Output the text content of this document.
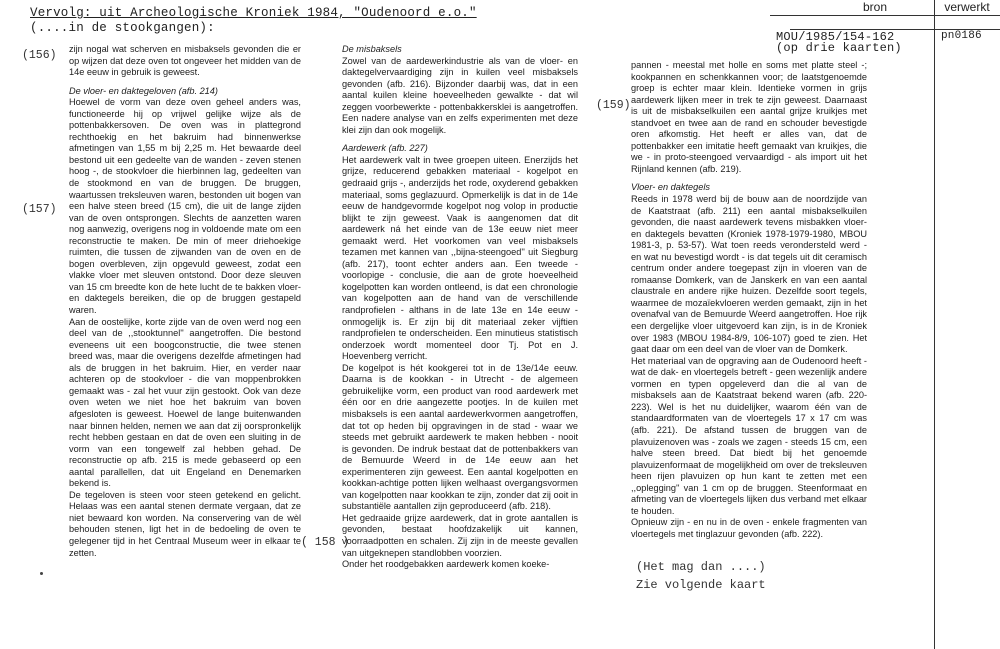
Vervolg: uit Archeologische Kroniek 1984, "Oudenoord e.o."
(....in de stookgangen):
bron	verwerkt
MOU/1985/154-162
(op drie kaarten)
pn0186
(156)
(157)
( 158 )
(159)

zijn nogal wat scherven en misbaksels gevonden die er op wijzen dat deze oven tot ongeveer het midden van de 14e eeuw in gebruik is geweest.

De vloer- en daktegeloven (afb. 214)

Hoewel de vorm van deze oven geheel anders was, functioneerde hij op vrijwel gelijke wijze als de pottenbakkersoven. De oven was in plattegrond rechthoekig en het bakruim had binnenwerkse afmetingen van 1,55 m bij 2,25 m. Het bewaarde deel bestond uit een gedeelte van de wanden - zeven stenen hoog -, de stookvloer die hierbinnen lag, gedeelten van de stookmond en van de bruggen. De bruggen, waartussen treksleuven waren, bestonden uit bogen van een halve steen breed (15 cm), die uit de lange zijden van de oven ontsprongen. Slechts de aanzetten waren nog aanwezig, overigens nog in voldoende mate om een reconstructie te maken. De min of meer driehoekige ruimten, die tussen de zijwanden van de oven en de bogen overbleven, zijn opgevuld geweest, zodat een vlakke vloer met sleuven ontstond. Door deze sleuven van 15 cm breedte kon de hete lucht de te bakken vloer- en daktegels bereiken, die op de bruggen gestapeld waren.

Aan de oostelijke, korte zijde van de oven werd nog een deel van de ,,stooktunnel'' aangetroffen. Die bestond eveneens uit een boogconstructie, die twee stenen breed was, maar die overigens dezelfde afmetingen had als de bruggen in het bakruim. Hier, en verder naar achteren op de stookvloer - die van moppenbrokken gemaakt was - zal het vuur zijn gestookt. Ook van deze oven weten we niet hoe het bakruim van boven afgesloten is geweest. Hoewel de lange buitenwanden naar binnen helden, nemen we aan dat zij oorspronkelijk recht hebben gestaan en dat de oven een sluiting in de vorm van een tongewelf zal hebben gehad. De reconstructie op afb. 215 is mede gebaseerd op een aantal parallellen, dat uit Engeland en Denemarken bekend is.

De tegeloven is steen voor steen getekend en gelicht. Helaas was een aantal stenen dermate vergaan, dat ze niet bewaard kon worden. Na conservering van de wèl behouden stenen, ligt het in de bedoeling de oven te gelegener tijd in het Centraal Museum weer in elkaar te zetten.

De misbaksels

Zowel van de aardewerkindustrie als van de vloer- en daktegelvervaardiging zijn in kuilen veel misbaksels gevonden (afb. 216). Bijzonder daarbij was, dat in een aantal kuilen kleine hoeveelheden gewalkte - dat wil zeggen voorbewerkte - pottenbakkersklei is aangetroffen. Een nadere analyse van en zelfs experimenten met deze klei zijn dan ook mogelijk.

Aardewerk (afb. 227)

Het aardewerk valt in twee groepen uiteen. Enerzijds het grijze, reducerend gebakken materiaal - kogelpot en gedraaid grijs -, anderzijds het rode, oxyderend gebakken materiaal, soms geglazuurd. Opmerkelijk is dat in de 14e eeuw de handgevormde kogelpot nog volop in productie blijkt te zijn geweest. Vaak is aangenomen dat dit aardewerk ná het einde van de 13e eeuw niet meer gemaakt werd. Het voorkomen van veel misbaksels tezamen met kannen van ,,bijna-steengoed'' uit Siegburg (afb. 217), toont echter anders aan. Een tweede - voorlopige - conclusie, die aan de grote hoeveelheid kogelpotten kan worden ontleend, is dat een chronologie van kogelpotten aan de hand van de verschillende randprofielen - althans in de late 13e en 14e eeuw - onmogelijk is. Er zijn bij dit materiaal zeker vijftien randprofielen te onderscheiden. Een minutieus statistisch onderzoek wordt momenteel door Tj. Pot en J. Hoevenberg verricht.

De kogelpot is hét kookgerei tot in de 13e/14e eeuw. Daarna is de kookkan - in Utrecht - de algemeen gebruikelijke vorm, een product van rood aardewerk met één oor en drie aangezette pootjes. In de kuilen met misbaksels is een aantal aardewerkvormen aangetroffen, dat tot op heden bij opgravingen in de stad - waar we steeds met gebruikt aardewerk te maken hebben - nooit is gevonden. De indruk bestaat dat de pottenbakkers van de Bemuurde Weerd in de 14e eeuw aan het experimenteren zijn geweest. Een aantal kogelpotten en kookkan-achtige potten lijken welhaast overgangsvormen van kogelpotten naar kookkan te zijn, zonder dat zij ooit in substantiële aantallen zijn geproduceerd (afb. 218).

Het gedraaide grijze aardewerk, dat in grote aantallen is gevonden, bestaat hoofdzakelijk uit kannen, voorraadpotten en schalen. Zij zijn in de meeste gevallen van uitgeknepen standlobben voorzien.

Onder het roodgebakken aardewerk komen koeke-

pannen - meestal met holle en soms met platte steel -; kookpannen en schenkkannen voor; de laatstgenoemde groep is echter maar klein. Identieke vormen in grijs aardewerk lijken meer in trek te zijn geweest. Daarnaast is uit de misbakselkuilen een aantal grijze kruikjes met standvoet en twee aan de rand en schouder bevestigde oren afkomstig. Het heeft er alles van, dat de pottenbakker een imitatie heeft gemaakt van kruikjes, die we - in proto-steengoed vervaardigd - als import uit het Rijnland kennen (afb. 219).

Vloer- en daktegels

Reeds in 1978 werd bij de bouw aan de noordzijde van de Kaatstraat (afb. 211) een aantal misbakselkuilen gevonden, die naast aardewerk tevens misbakken vloer- en daktegels bevatten (Kroniek 1978-1979-1980, MBOU 1981-3, p. 53-57). Wat toen reeds verondersteld werd - en wat nu bevestigd wordt - is dat tegels uit dit ceramisch centrum onder andere toegepast zijn in vloeren van de romaanse Domkerk, van de Janskerk en van een aantal claustrale en andere rijke huizen. Dezelfde soort tegels, waarmee de mozaïekvloeren werden gemaakt, zijn in het ovenafval van de Bemuurde Weerd aangetroffen. Hoe rijk een dergelijke vloer uitgevoerd kan zijn, is in de Kroniek over 1983 (MBOU 1984-8/9, 106-107) goed te zien. Het gaat daar om een deel van de vloer van de Domkerk.

Het materiaal van de opgraving aan de Oudenoord heeft - wat de dak- en vloertegels betreft - geen wezenlijk andere vormen en typen opgeleverd dan die al van de misbaksels aan de Kaatstraat bekend waren (afb. 220-223). Wel is het nu duidelijker, waarom één van de standaardformaten van de vloertegels 17 x 17 cm was (afb. 221). De afstand tussen de bruggen van de plavuizenoven was - zoals we zagen - steeds 15 cm, een halve steen breed. Dat biedt bij het genoemde plavuizenformaat de mogelijkheid om over de treksleuven heen rijen plavuizen op hun kant te zetten met een ,,oplegging'' van 1 cm op de bruggen. Steenformaat en afmeting van de vloertegels lijken dus verband met elkaar te houden.

Opnieuw zijn - en nu in de oven - enkele fragmenten van vloertegels met tinglazuur gevonden (afb. 222).

(Het mag dan ....)
Zie volgende kaart
